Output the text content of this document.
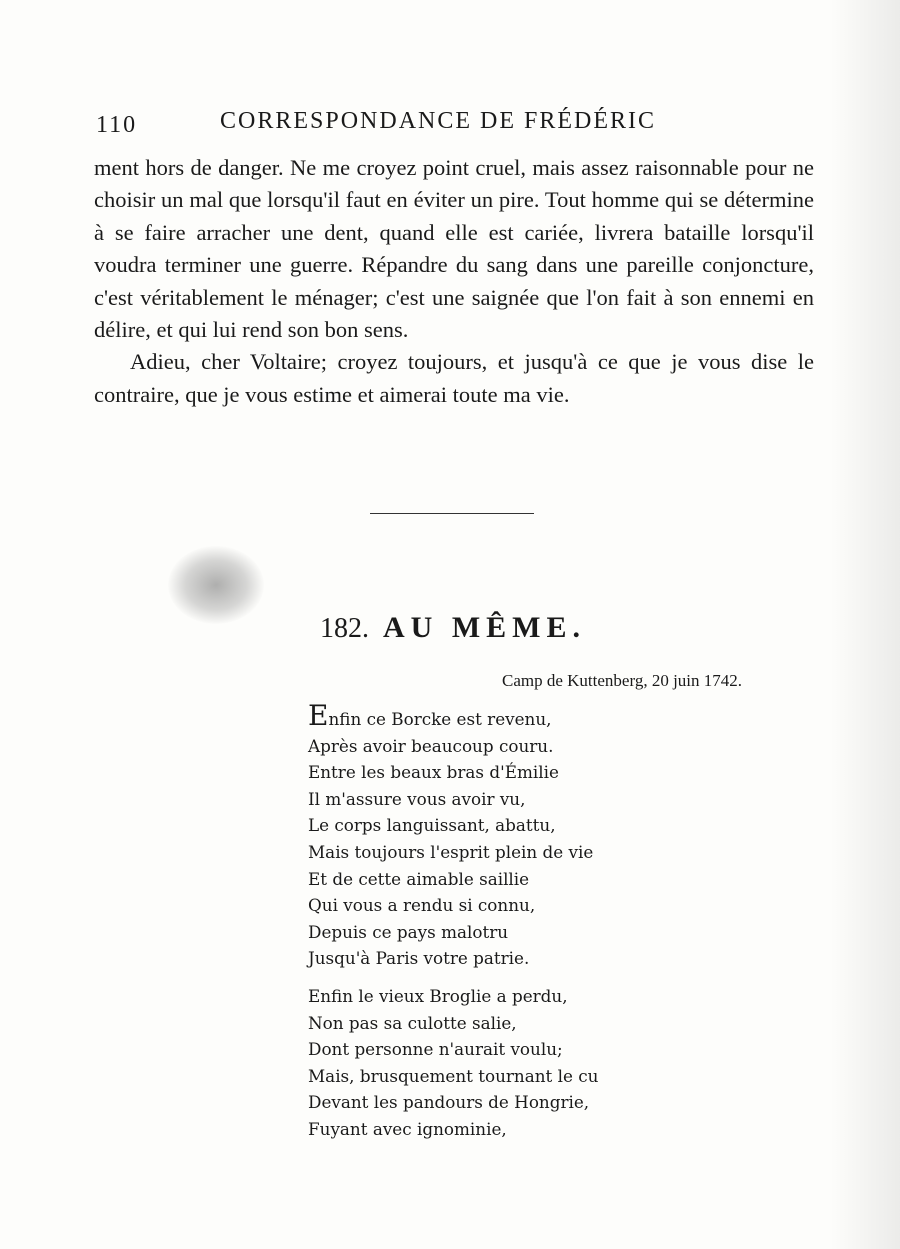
110	CORRESPONDANCE DE FRÉDÉRIC

ment hors de danger. Ne me croyez point cruel, mais assez raisonnable pour ne choisir un mal que lorsqu'il faut en éviter un pire. Tout homme qui se détermine à se faire arracher une dent, quand elle est cariée, livrera bataille lorsqu'il voudra terminer une guerre. Répandre du sang dans une pareille conjoncture, c'est véritablement le ménager; c'est une saignée que l'on fait à son ennemi en délire, et qui lui rend son bon sens.

Adieu, cher Voltaire; croyez toujours, et jusqu'à ce que je vous dise le contraire, que je vous estime et aimerai toute ma vie.

182. AU MÊME.
Camp de Kuttenberg, 20 juin 1742.
Enfin ce Borcke est revenu,
Après avoir beaucoup couru.
Entre les beaux bras d'Émilie
Il m'assure vous avoir vu,
Le corps languissant, abattu,
Mais toujours l'esprit plein de vie
Et de cette aimable saillie
Qui vous a rendu si connu,
Depuis ce pays malotru
Jusqu'à Paris votre patrie.
Enfin le vieux Broglie a perdu,
Non pas sa culotte salie,
Dont personne n'aurait voulu;
Mais, brusquement tournant le cu
Devant les pandours de Hongrie,
Fuyant avec ignominie,
